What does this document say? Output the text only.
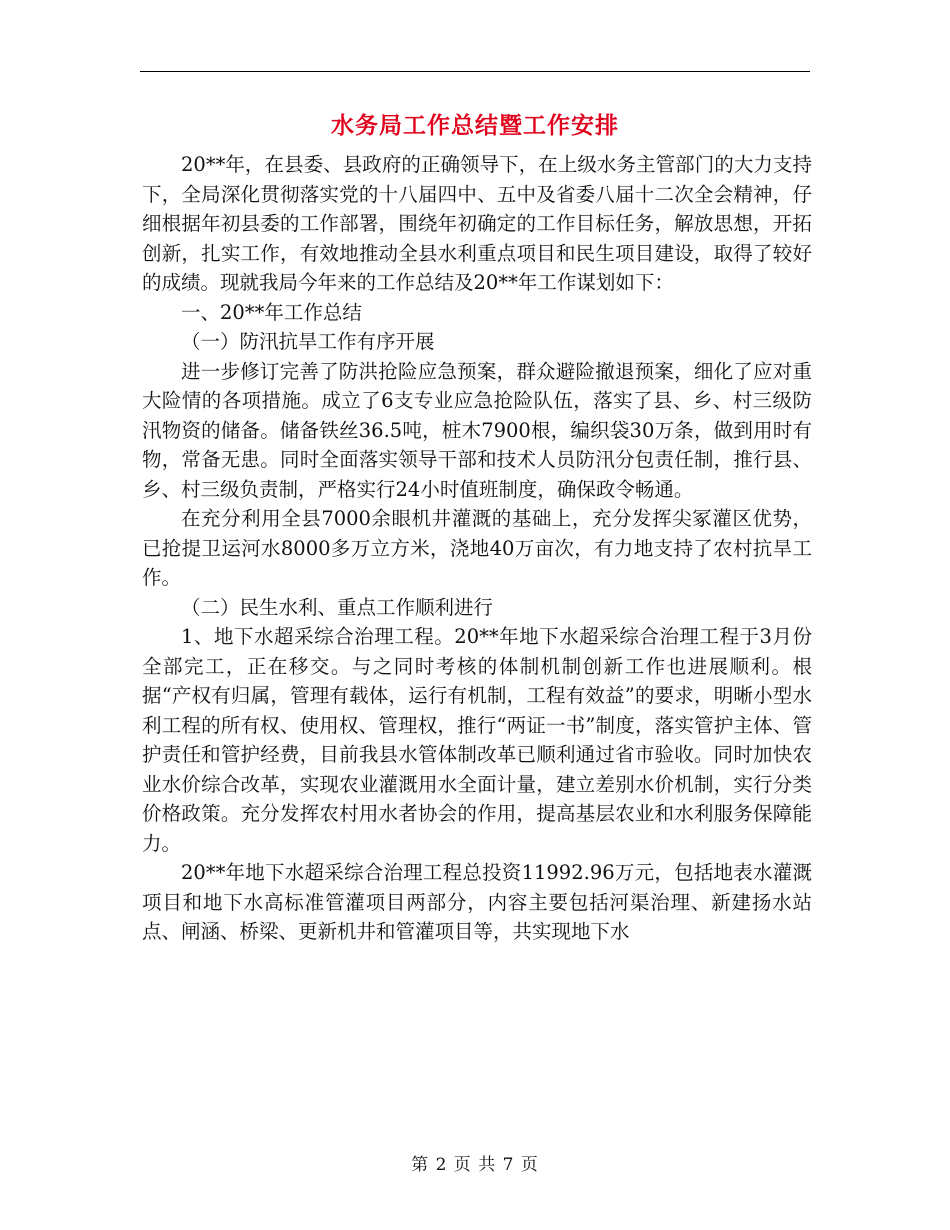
水务局工作总结暨工作安排

20**年，在县委、县政府的正确领导下，在上级水务主管部门的大力支持下，全局深化贯彻落实党的十八届四中、五中及省委八届十二次全会精神，仔细根据年初县委的工作部署，围绕年初确定的工作目标任务，解放思想，开拓创新，扎实工作，有效地推动全县水利重点项目和民生项目建设，取得了较好的成绩。现就我局今年来的工作总结及20**年工作谋划如下：

一、20**年工作总结

（一）防汛抗旱工作有序开展

进一步修订完善了防洪抢险应急预案，群众避险撤退预案，细化了应对重大险情的各项措施。成立了6支专业应急抢险队伍，落实了县、乡、村三级防汛物资的储备。储备铁丝36.5吨，桩木7900根，编织袋30万条，做到用时有物，常备无患。同时全面落实领导干部和技术人员防汛分包责任制，推行县、乡、村三级负责制，严格实行24小时值班制度，确保政令畅通。

在充分利用全县7000余眼机井灌溉的基础上，充分发挥尖冢灌区优势，已抢提卫运河水8000多万立方米，浇地40万亩次，有力地支持了农村抗旱工作。

（二）民生水利、重点工作顺利进行

1、地下水超采综合治理工程。20**年地下水超采综合治理工程于3月份全部完工，正在移交。与之同时考核的体制机制创新工作也进展顺利。根据“产权有归属，管理有载体，运行有机制，工程有效益”的要求，明晰小型水利工程的所有权、使用权、管理权，推行“两证一书”制度，落实管护主体、管护责任和管护经费，目前我县水管体制改革已顺利通过省市验收。同时加快农业水价综合改革，实现农业灌溉用水全面计量，建立差别水价机制，实行分类价格政策。充分发挥农村用水者协会的作用，提高基层农业和水利服务保障能力。

20**年地下水超采综合治理工程总投资11992.96万元，包括地表水灌溉项目和地下水高标准管灌项目两部分，内容主要包括河渠治理、新建扬水站点、闸涵、桥梁、更新机井和管灌项目等，共实现地下水

第 2 页 共 7 页
